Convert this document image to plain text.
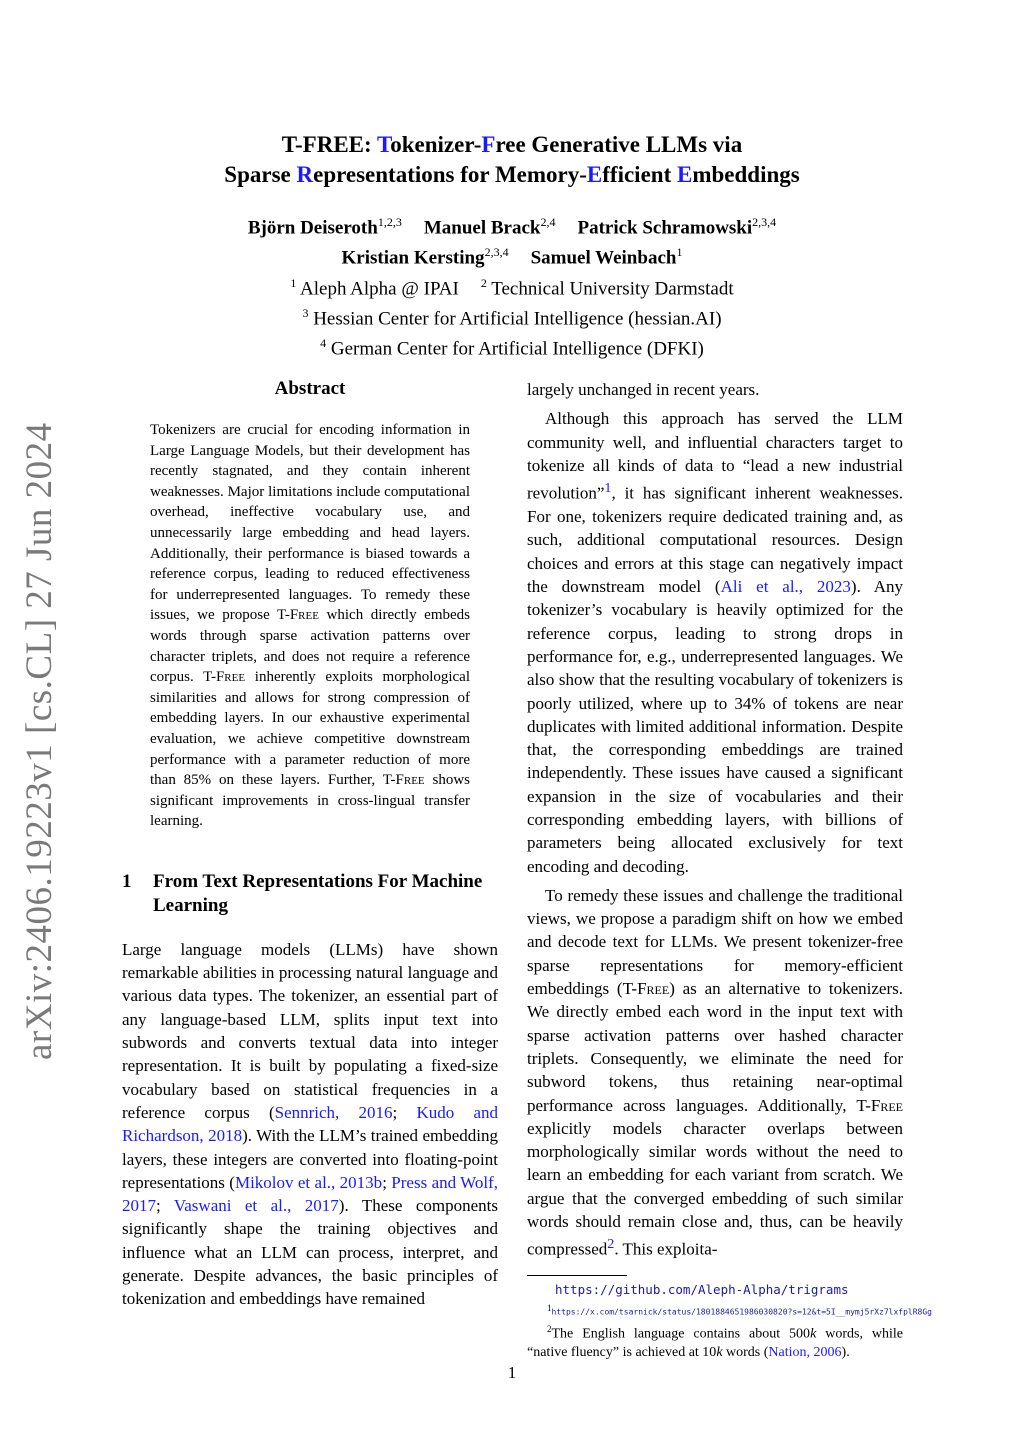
arXiv:2406.19223v1 [cs.CL] 27 Jun 2024
T-FREE: Tokenizer-Free Generative LLMs via
Sparse Representations for Memory-Efficient Embeddings
Björn Deiseroth$^{1,2,3}$ Manuel Brack$^{2,4}$ Patrick Schramowski$^{2,3,4}$
Kristian Kersting$^{2,3,4}$ Samuel Weinbach$^1$
$^1$ Aleph Alpha @ IPAI $^2$ Technical University Darmstadt
$^3$ Hessian Center for Artificial Intelligence (hessian.AI)
$^4$ German Center for Artificial Intelligence (DFKI)
Abstract
Tokenizers are crucial for encoding information in Large Language Models, but their development has recently stagnated, and they contain inherent weaknesses. Major limitations include computational overhead, ineffective vocabulary use, and unnecessarily large embedding and head layers. Additionally, their performance is biased towards a reference corpus, leading to reduced effectiveness for underrepresented languages. To remedy these issues, we propose T-Free which directly embeds words through sparse activation patterns over character triplets, and does not require a reference corpus. T-Free inherently exploits morphological similarities and allows for strong compression of embedding layers. In our exhaustive experimental evaluation, we achieve competitive downstream performance with a parameter reduction of more than 85% on these layers. Further, T-Free shows significant improvements in cross-lingual transfer learning.
1	From Text Representations For Machine Learning

Large language models (LLMs) have shown remarkable abilities in processing natural language and various data types. The tokenizer, an essential part of any language-based LLM, splits input text into subwords and converts textual data into integer representation. It is built by populating a fixed-size vocabulary based on statistical frequencies in a reference corpus (Sennrich, 2016; Kudo and Richardson, 2018). With the LLM’s trained embedding layers, these integers are converted into floating-point representations (Mikolov et al., 2013b; Press and Wolf, 2017; Vaswani et al., 2017). These components significantly shape the training objectives and influence what an LLM can process, interpret, and generate. Despite advances, the basic principles of tokenization and embeddings have remained

largely unchanged in recent years.

Although this approach has served the LLM community well, and influential characters target to tokenize all kinds of data to “lead a new industrial revolution”$^1$, it has significant inherent weaknesses. For one, tokenizers require dedicated training and, as such, additional computational resources. Design choices and errors at this stage can negatively impact the downstream model (Ali et al., 2023). Any tokenizer’s vocabulary is heavily optimized for the reference corpus, leading to strong drops in performance for, e.g., underrepresented languages. We also show that the resulting vocabulary of tokenizers is poorly utilized, where up to 34% of tokens are near duplicates with limited additional information. Despite that, the corresponding embeddings are trained independently. These issues have caused a significant expansion in the size of vocabularies and their corresponding embedding layers, with billions of parameters being allocated exclusively for text encoding and decoding.

To remedy these issues and challenge the traditional views, we propose a paradigm shift on how we embed and decode text for LLMs. We present tokenizer-free sparse representations for memory-efficient embeddings (T-Free) as an alternative to tokenizers. We directly embed each word in the input text with sparse activation patterns over hashed character triplets. Consequently, we eliminate the need for subword tokens, thus retaining near-optimal performance across languages. Additionally, T-Free explicitly models character overlaps between morphologically similar words without the need to learn an embedding for each variant from scratch. We argue that the converged embedding of such similar words should remain close and, thus, can be heavily compressed$^2$. This exploita-

https://github.com/Aleph-Alpha/trigrams
$^1$https://x.com/tsarnick/status/1801884651986030820?s=12&t=5I__mymj5rXz7lxfplR8Gg
$^2$The English language contains about 500k words, while “native fluency” is achieved at 10k words (Nation, 2006).
1
